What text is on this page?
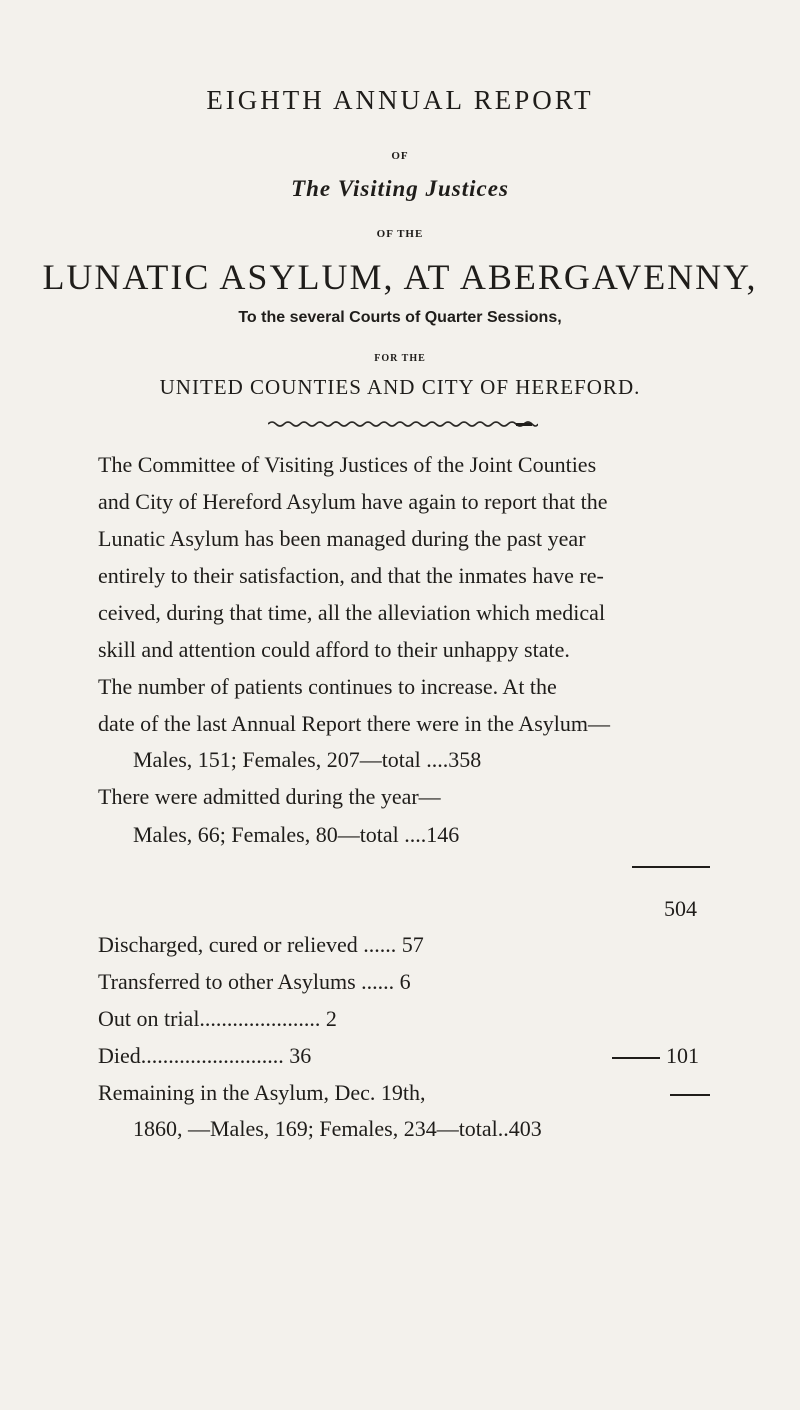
EIGHTH ANNUAL REPORT
OF
The Visiting Justices
OF THE
LUNATIC ASYLUM, AT ABERGAVENNY,
To the several Courts of Quarter Sessions,
FOR THE
UNITED COUNTIES AND CITY OF HEREFORD.
The Committee of Visiting Justices of the Joint Counties
and City of Hereford Asylum have again to report that the
Lunatic Asylum has been managed during the past year
entirely to their satisfaction, and that the inmates have re-
ceived, during that time, all the alleviation which medical
skill and attention could afford to their unhappy state.
The number of patients continues to increase. At the
date of the last Annual Report there were in the Asylum—
Males, 151; Females, 207—total ....358
There were admitted during the year—
Males, 66; Females, 80—total ....146
504
Discharged, cured or relieved ...... 57
Transferred to other Asylums ...... 6
Out on trial...................... 2
Died.......................... 36	101
Remaining in the Asylum, Dec. 19th,
1860, —Males, 169; Females, 234—total..403
